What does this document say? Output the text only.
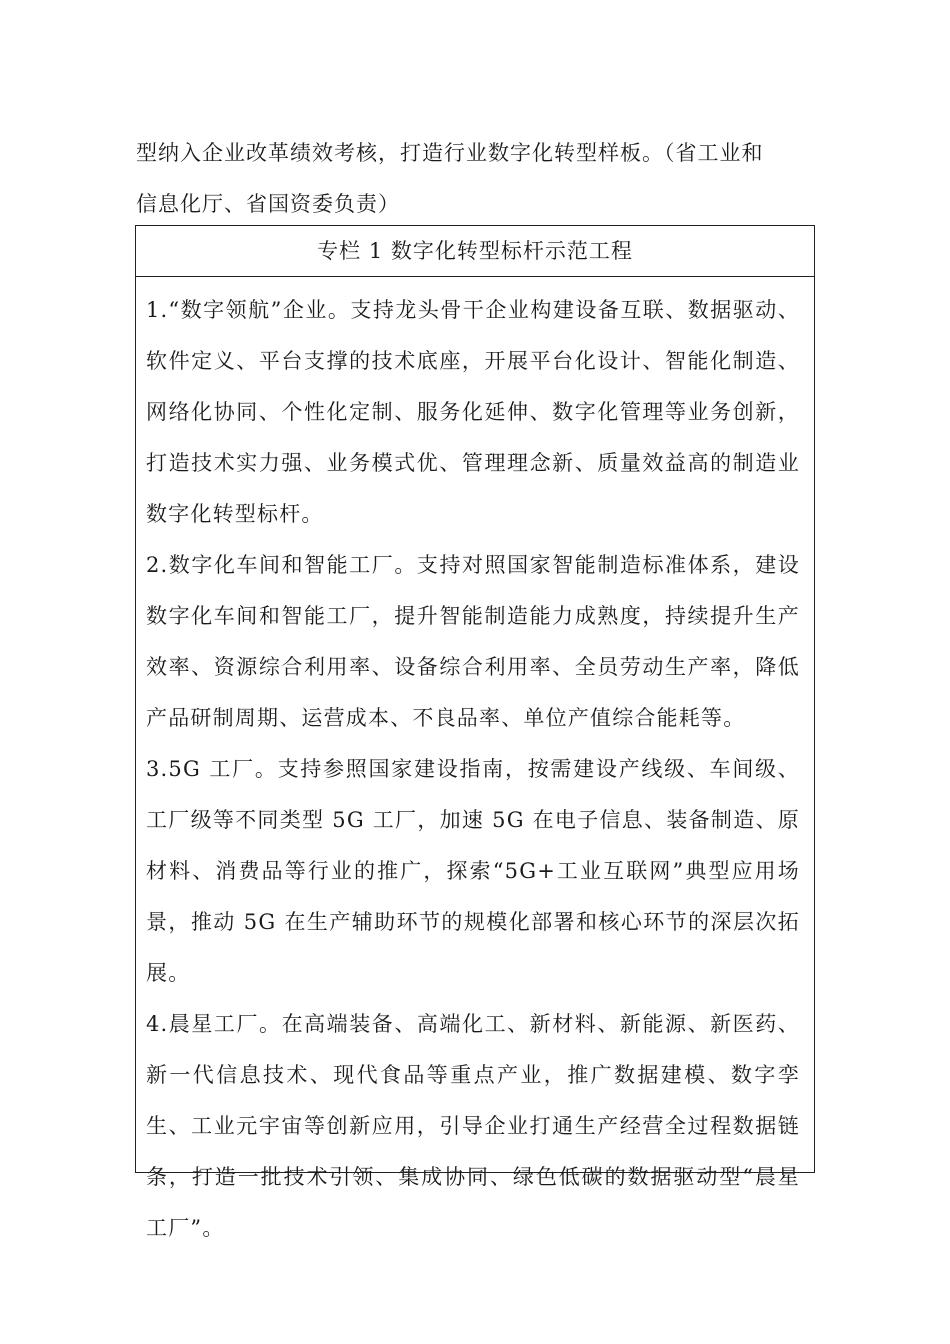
型纳入企业改革绩效考核，打造行业数字化转型样板。（省工业和

信息化厅、省国资委负责）

专栏 1 数字化转型标杆示范工程

1.“数字领航”企业。支持龙头骨干企业构建设备互联、数据驱动、软件定义、平台支撑的技术底座，开展平台化设计、智能化制造、网络化协同、个性化定制、服务化延伸、数字化管理等业务创新，打造技术实力强、业务模式优、管理理念新、质量效益高的制造业数字化转型标杆。

2.数字化车间和智能工厂。支持对照国家智能制造标准体系，建设数字化车间和智能工厂，提升智能制造能力成熟度，持续提升生产效率、资源综合利用率、设备综合利用率、全员劳动生产率，降低产品研制周期、运营成本、不良品率、单位产值综合能耗等。

3.5G 工厂。支持参照国家建设指南，按需建设产线级、车间级、工厂级等不同类型 5G 工厂，加速 5G 在电子信息、装备制造、原材料、消费品等行业的推广，探索“5G+工业互联网”典型应用场景，推动 5G 在生产辅助环节的规模化部署和核心环节的深层次拓展。

4.晨星工厂。在高端装备、高端化工、新材料、新能源、新医药、新一代信息技术、现代食品等重点产业，推广数据建模、数字孪生、工业元宇宙等创新应用，引导企业打通生产经营全过程数据链条，打造一批技术引领、集成协同、绿色低碳的数据驱动型“晨星工厂”。
